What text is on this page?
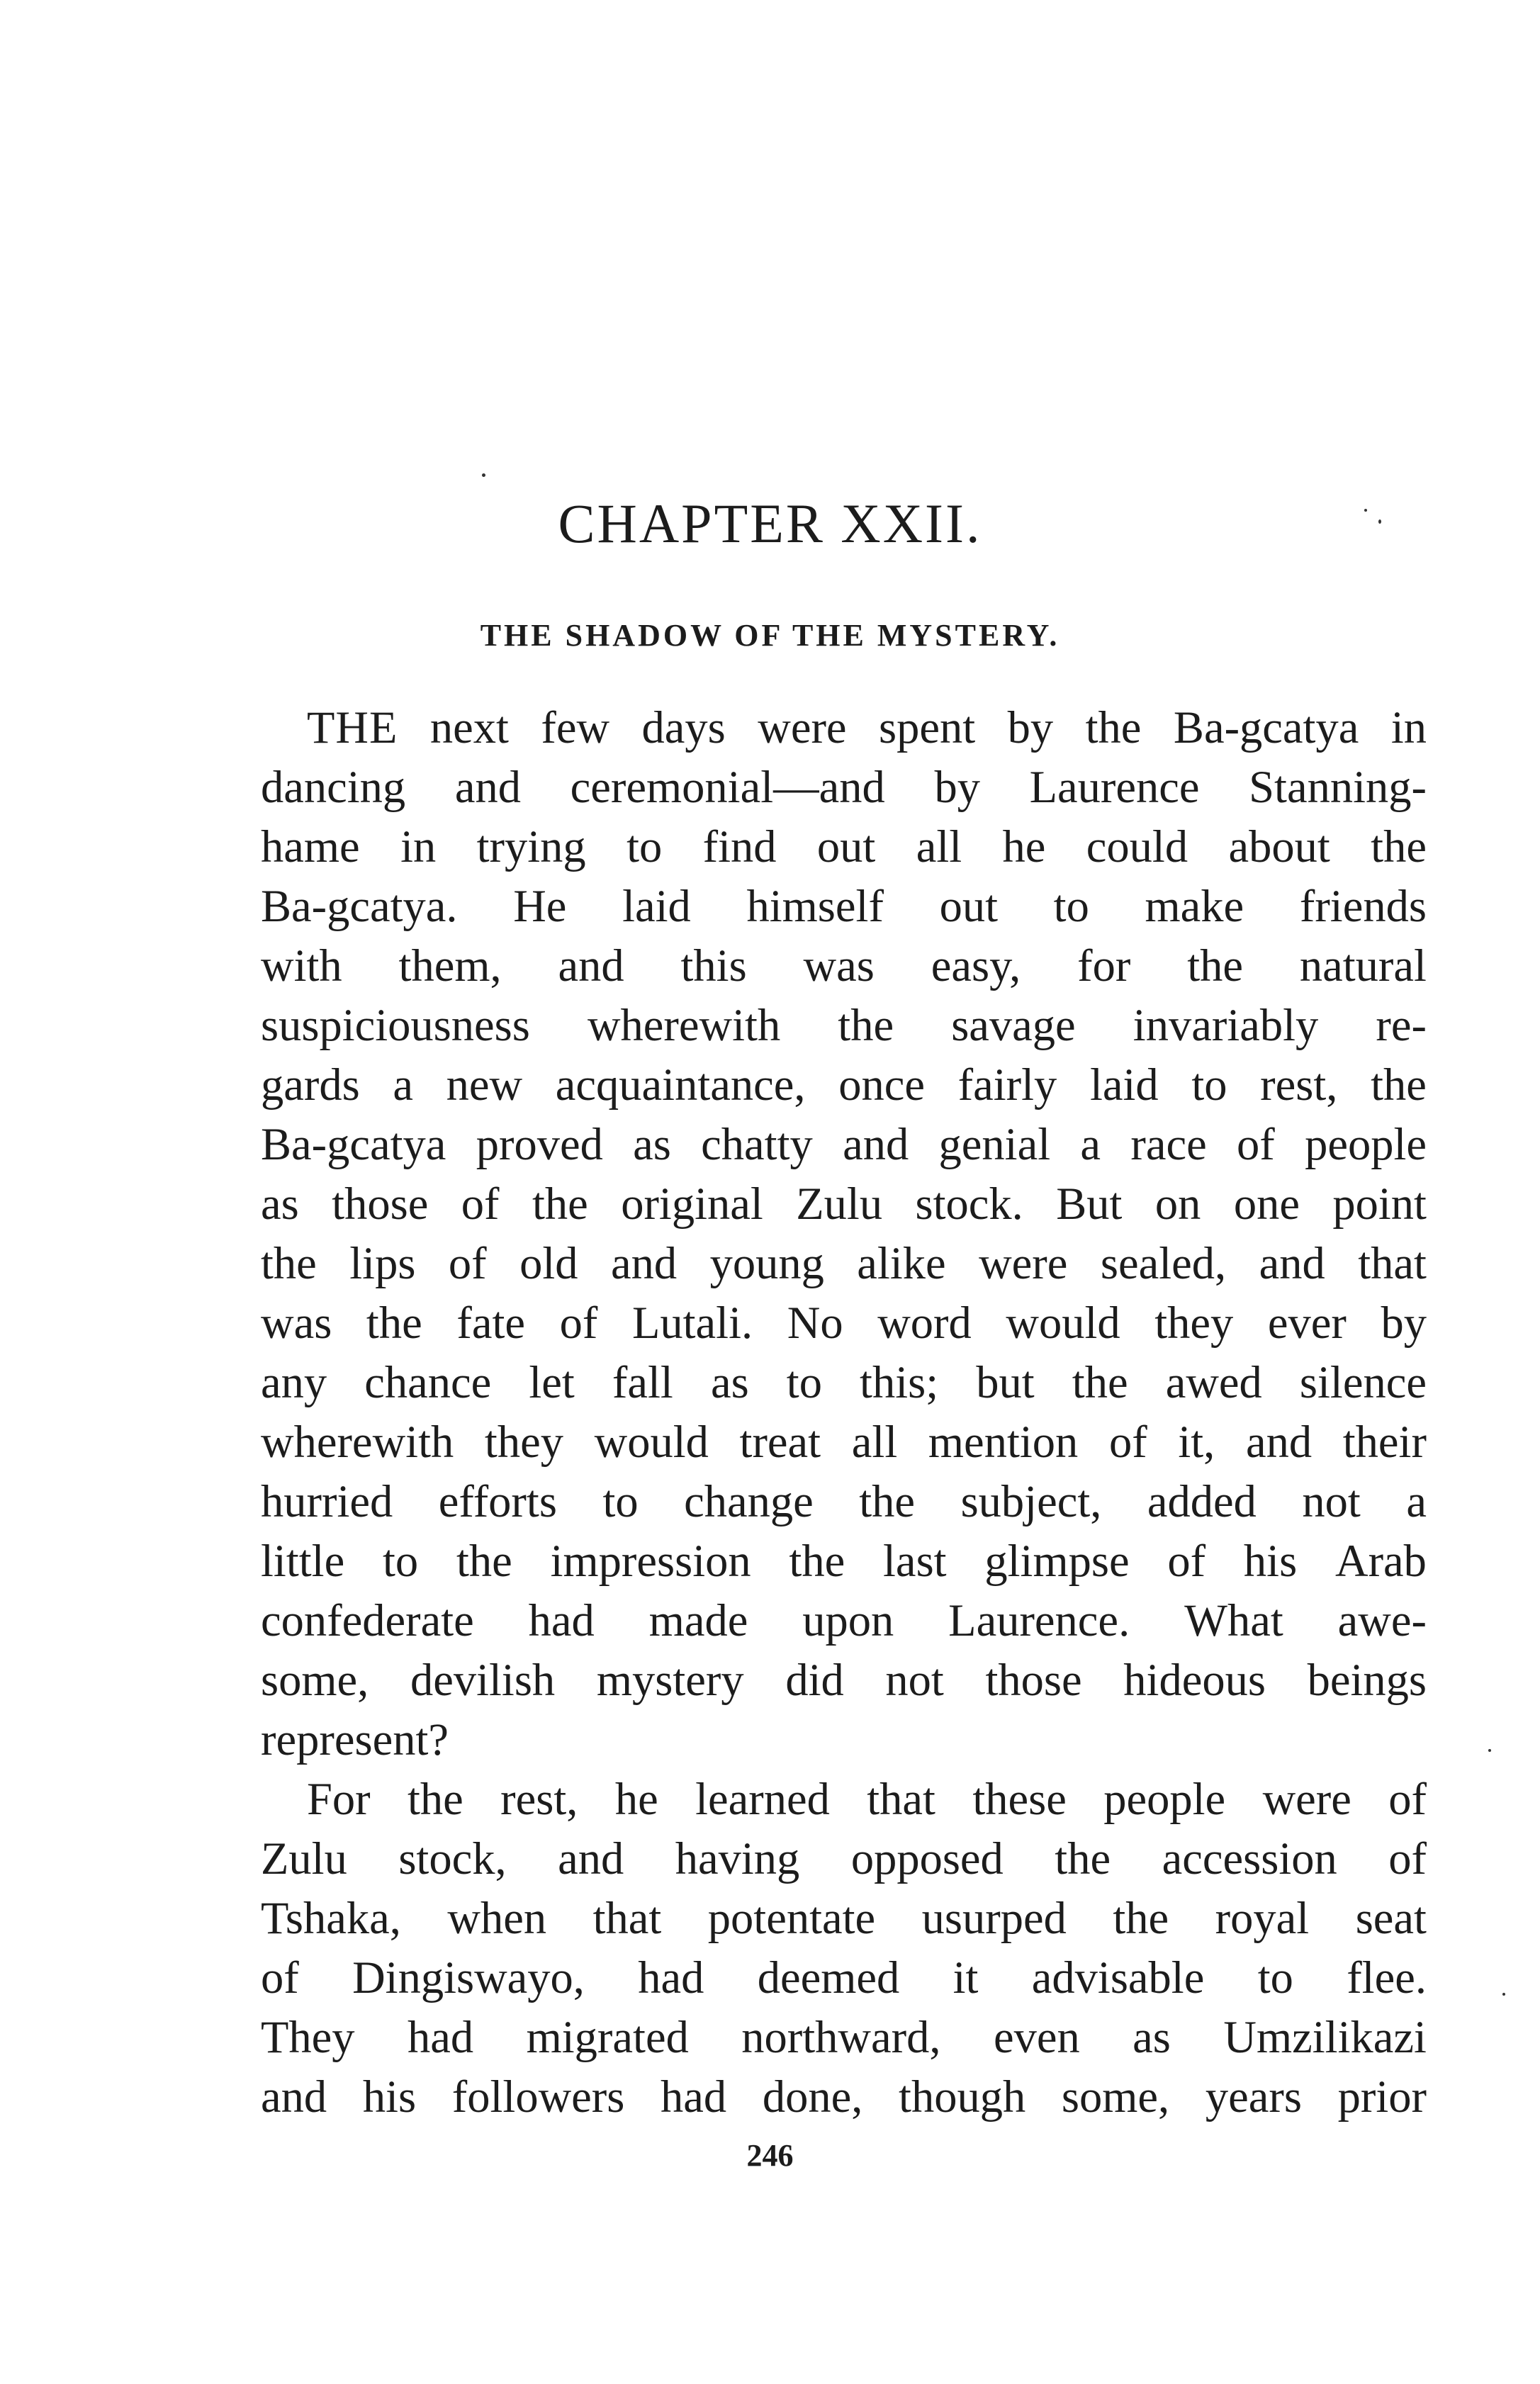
CHAPTER XXII.
THE SHADOW OF THE MYSTERY.
THE next few days were spent by the Ba-gcatya in
dancing and ceremonial—and by Laurence Stanning-
hame in trying to find out all he could about the
Ba-gcatya. He laid himself out to make friends
with them, and this was easy, for the natural
suspiciousness wherewith the savage invariably re-
gards a new acquaintance, once fairly laid to rest, the
Ba-gcatya proved as chatty and genial a race of people
as those of the original Zulu stock. But on one point
the lips of old and young alike were sealed, and that
was the fate of Lutali. No word would they ever by
any chance let fall as to this; but the awed silence
wherewith they would treat all mention of it, and their
hurried efforts to change the subject, added not a
little to the impression the last glimpse of his Arab
confederate had made upon Laurence. What awe-
some, devilish mystery did not those hideous beings
represent?
For the rest, he learned that these people were of
Zulu stock, and having opposed the accession of
Tshaka, when that potentate usurped the royal seat
of Dingiswayo, had deemed it advisable to flee.
They had migrated northward, even as Umzilikazi
and his followers had done, though some, years prior
246
